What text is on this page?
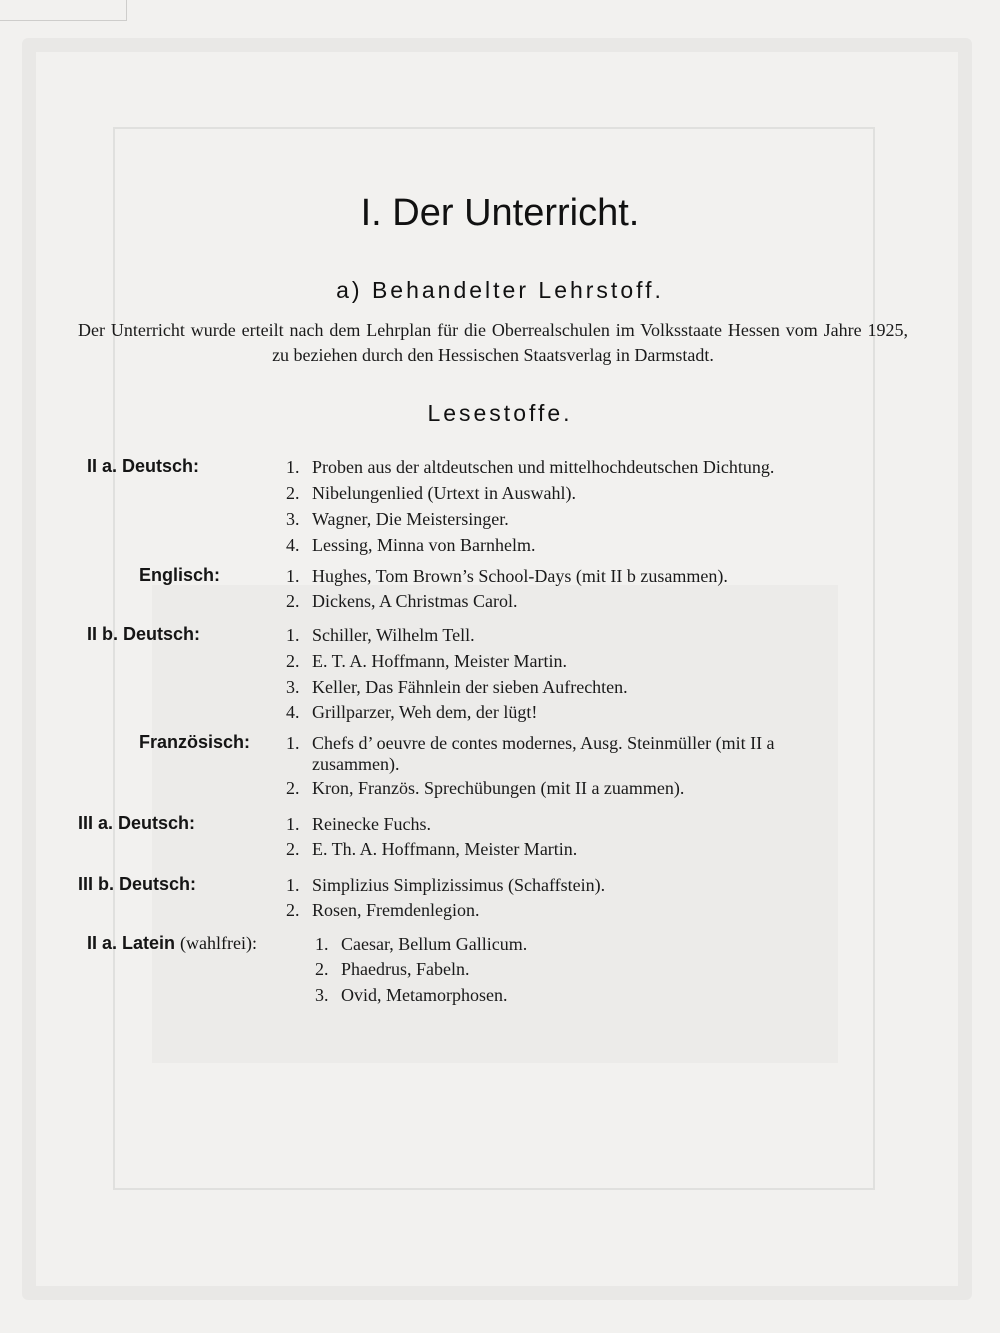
I. Der Unterricht.
a) Behandelter Lehrstoff.
Der Unterricht wurde erteilt nach dem Lehrplan für die Oberrealschulen im Volksstaate Hessen vom Jahre 1925, zu beziehen durch den Hessischen Staatsverlag in Darmstadt.
Lesestoffe.
II a. Deutsch:	1. Proben aus der altdeutschen und mittelhochdeutschen Dichtung.
2. Nibelungenlied (Urtext in Auswahl).
3. Wagner, Die Meistersinger.
4. Lessing, Minna von Barnhelm.
Englisch:	1. Hughes, Tom Brown’s School-Days (mit II b zusammen).
2. Dickens, A Christmas Carol.
II b. Deutsch:	1. Schiller, Wilhelm Tell.
2. E. T. A. Hoffmann, Meister Martin.
3. Keller, Das Fähnlein der sieben Aufrechten.
4. Grillparzer, Weh dem, der lügt!
Französisch: 1. Chefs d’ oeuvre de contes modernes, Ausg. Steinmüller (mit II a
zusammen).
2. Kron, Französ. Sprechübungen (mit II a zuammen).
III a. Deutsch:	1. Reinecke Fuchs.
2. E. Th. A. Hoffmann, Meister Martin.
III b. Deutsch:	1. Simplizius Simplizissimus (Schaffstein).
2. Rosen, Fremdenlegion.
II a. Latein (wahlfrei):	1. Caesar, Bellum Gallicum.
2. Phaedrus, Fabeln.
3. Ovid, Metamorphosen.
